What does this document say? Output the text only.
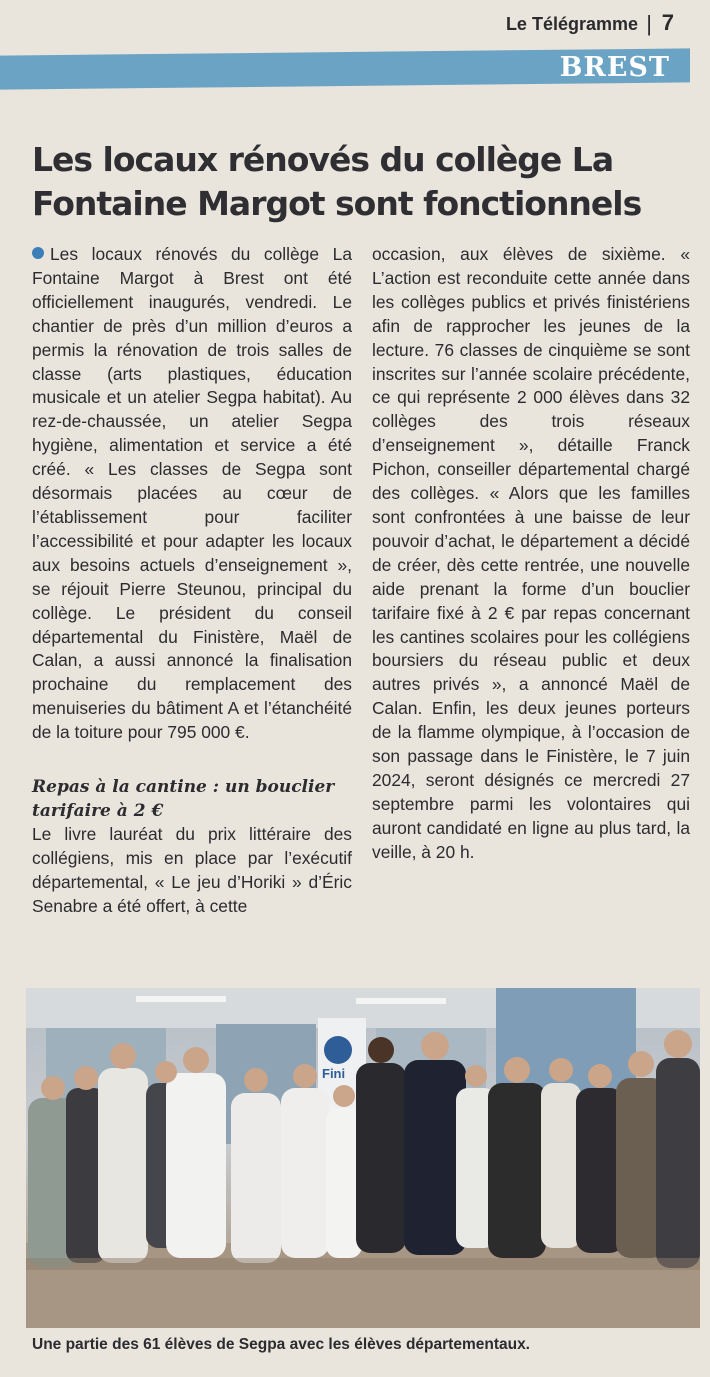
Le Télégramme | 7
BREST
Les locaux rénovés du collège La Fontaine Margot sont fonctionnels

Les locaux rénovés du collège La Fontaine Margot à Brest ont été officiellement inaugurés, vendredi. Le chantier de près d’un million d’euros a permis la rénovation de trois salles de classe (arts plastiques, éducation musicale et un atelier Segpa habitat). Au rez-de-chaussée, un atelier Segpa hygiène, alimentation et service a été créé. « Les classes de Segpa sont désormais placées au cœur de l’établissement pour faciliter l’accessibilité et pour adapter les locaux aux besoins actuels d’enseignement », se réjouit Pierre Steunou, principal du collège. Le président du conseil départemental du Finistère, Maël de Calan, a aussi annoncé la finalisation prochaine du remplacement des menuiseries du bâtiment A et l’étanchéité de la toiture pour 795 000 €.

Repas à la cantine : un bouclier tarifaire à 2 €

Le livre lauréat du prix littéraire des collégiens, mis en place par l’exécutif départemental, « Le jeu d’Horiki » d’Éric Senabre a été offert, à cette

occasion, aux élèves de sixième. « L’action est reconduite cette année dans les collèges publics et privés finistériens afin de rapprocher les jeunes de la lecture. 76 classes de cinquième se sont inscrites sur l’année scolaire précédente, ce qui représente 2 000 élèves dans 32 collèges des trois réseaux d’enseignement », détaille Franck Pichon, conseiller départemental chargé des collèges. « Alors que les familles sont confrontées à une baisse de leur pouvoir d’achat, le département a décidé de créer, dès cette rentrée, une nouvelle aide prenant la forme d’un bouclier tarifaire fixé à 2 € par repas concernant les cantines scolaires pour les collégiens boursiers du réseau public et deux autres privés », a annoncé Maël de Calan. Enfin, les deux jeunes porteurs de la flamme olympique, à l’occasion de son passage dans le Finistère, le 7 juin 2024, seront désignés ce mercredi 27 septembre parmi les volontaires qui auront candidaté en ligne au plus tard, la veille, à 20 h.

Fini
Une partie des 61 élèves de Segpa avec les élèves départementaux.
